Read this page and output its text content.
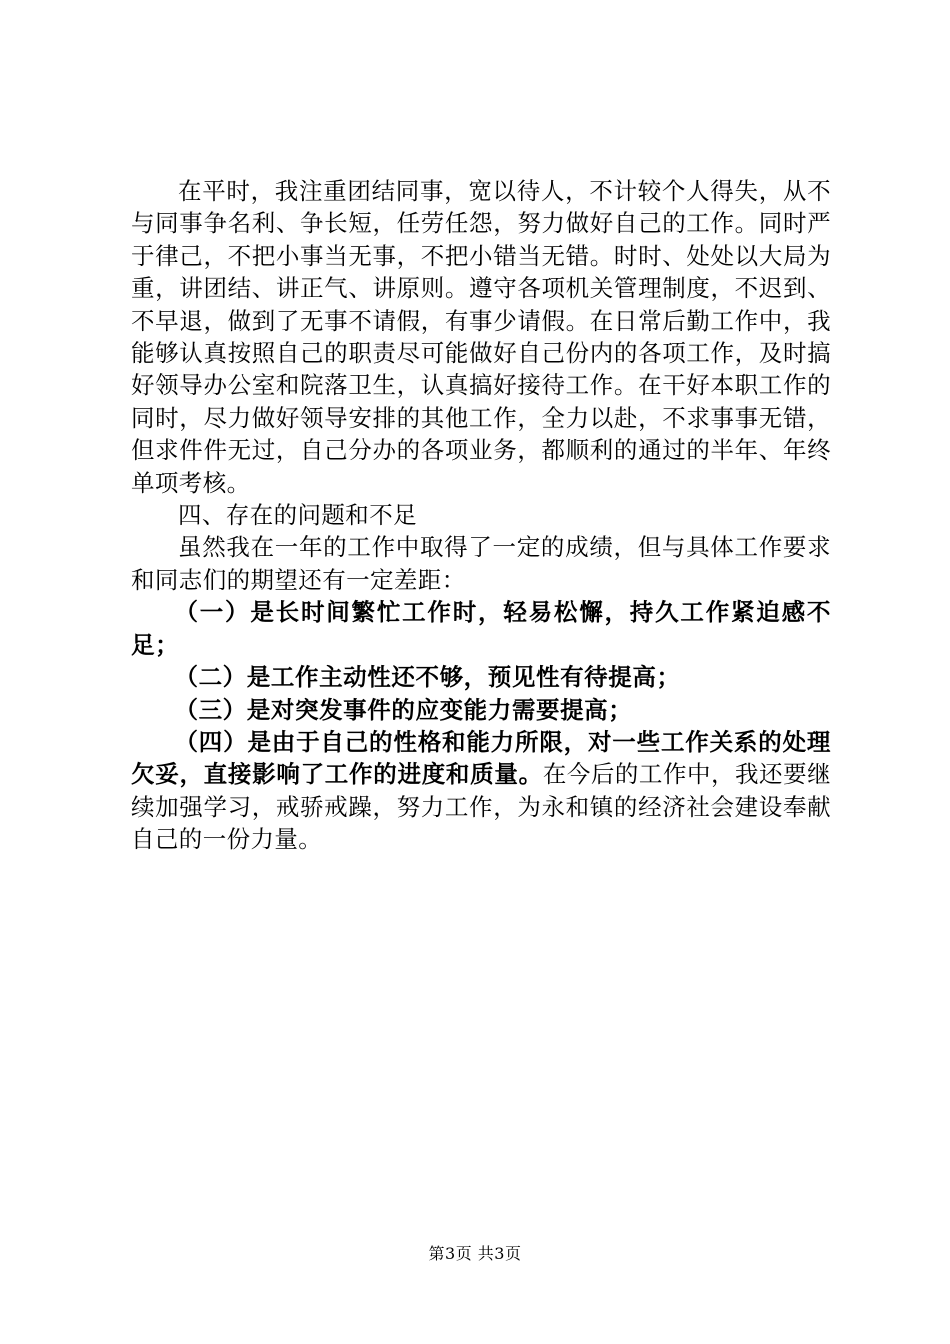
在平时，我注重团结同事，宽以待人，不计较个人得失，从不与同事争名利、争长短，任劳任怨，努力做好自己的工作。同时严于律己，不把小事当无事，不把小错当无错。时时、处处以大局为重，讲团结、讲正气、讲原则。遵守各项机关管理制度，不迟到、不早退，做到了无事不请假，有事少请假。在日常后勤工作中，我能够认真按照自己的职责尽可能做好自己份内的各项工作，及时搞好领导办公室和院落卫生，认真搞好接待工作。在干好本职工作的同时，尽力做好领导安排的其他工作，全力以赴，不求事事无错，但求件件无过，自己分办的各项业务，都顺利的通过的半年、年终单项考核。

四、存在的问题和不足

虽然我在一年的工作中取得了一定的成绩，但与具体工作要求和同志们的期望还有一定差距：

（一）是长时间繁忙工作时，轻易松懈，持久工作紧迫感不足；

（二）是工作主动性还不够，预见性有待提高；

（三）是对突发事件的应变能力需要提高；

（四）是由于自己的性格和能力所限，对一些工作关系的处理欠妥，直接影响了工作的进度和质量。在今后的工作中，我还要继续加强学习，戒骄戒躁，努力工作，为永和镇的经济社会建设奉献自己的一份力量。

第3页 共3页
